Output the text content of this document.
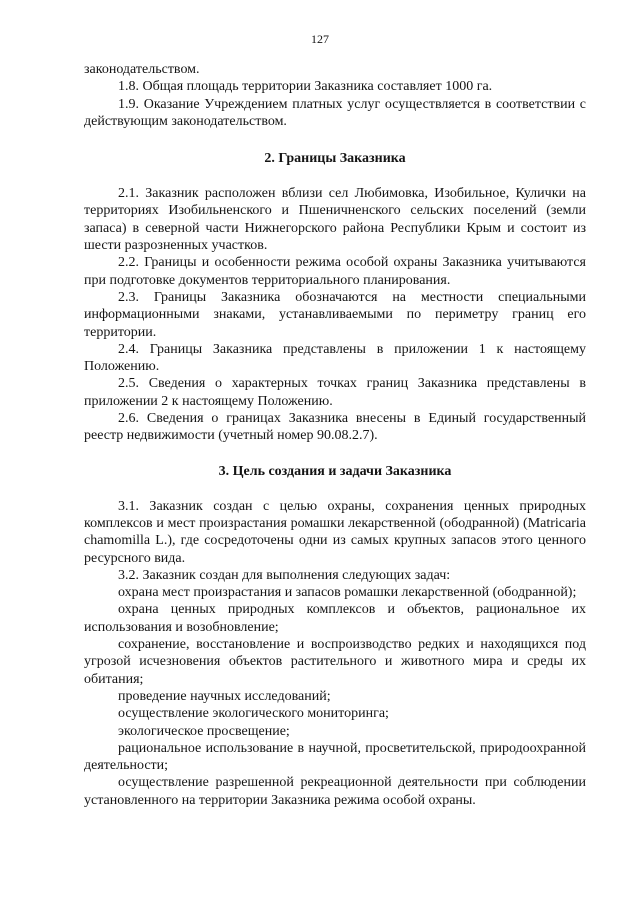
127

законодательством.

1.8. Общая площадь территории Заказника составляет 1000 га.

1.9. Оказание Учреждением платных услуг осуществляется в соответствии с действующим законодательством.

2. Границы Заказника

2.1. Заказник расположен вблизи сел Любимовка, Изобильное, Кулички на территориях Изобильненского и Пшеничненского сельских поселений (земли запаса) в северной части Нижнегорского района Республики Крым и состоит из шести разрозненных участков.

2.2. Границы и особенности режима особой охраны Заказника учитываются при подготовке документов территориального планирования.

2.3. Границы Заказника обозначаются на местности специальными информационными знаками, устанавливаемыми по периметру границ его территории.

2.4. Границы Заказника представлены в приложении 1 к настоящему Положению.

2.5. Сведения о характерных точках границ Заказника представлены в приложении 2 к настоящему Положению.

2.6. Сведения о границах Заказника внесены в Единый государственный реестр недвижимости (учетный номер 90.08.2.7).

3. Цель создания и задачи Заказника

3.1. Заказник создан с целью охраны, сохранения ценных природных комплексов и мест произрастания ромашки лекарственной (ободранной) (Matricaria chamomilla L.), где сосредоточены одни из самых крупных запасов этого ценного ресурсного вида.

3.2. Заказник создан для выполнения следующих задач:

охрана мест произрастания и запасов ромашки лекарственной (ободранной);

охрана ценных природных комплексов и объектов, рациональное их использования и возобновление;

сохранение, восстановление и воспроизводство редких и находящихся под угрозой исчезновения объектов растительного и животного мира и среды их обитания;

проведение научных исследований;

осуществление экологического мониторинга;

экологическое просвещение;

рациональное использование в научной, просветительской, природоохранной деятельности;

осуществление разрешенной рекреационной деятельности при соблюдении установленного на территории Заказника режима особой охраны.
